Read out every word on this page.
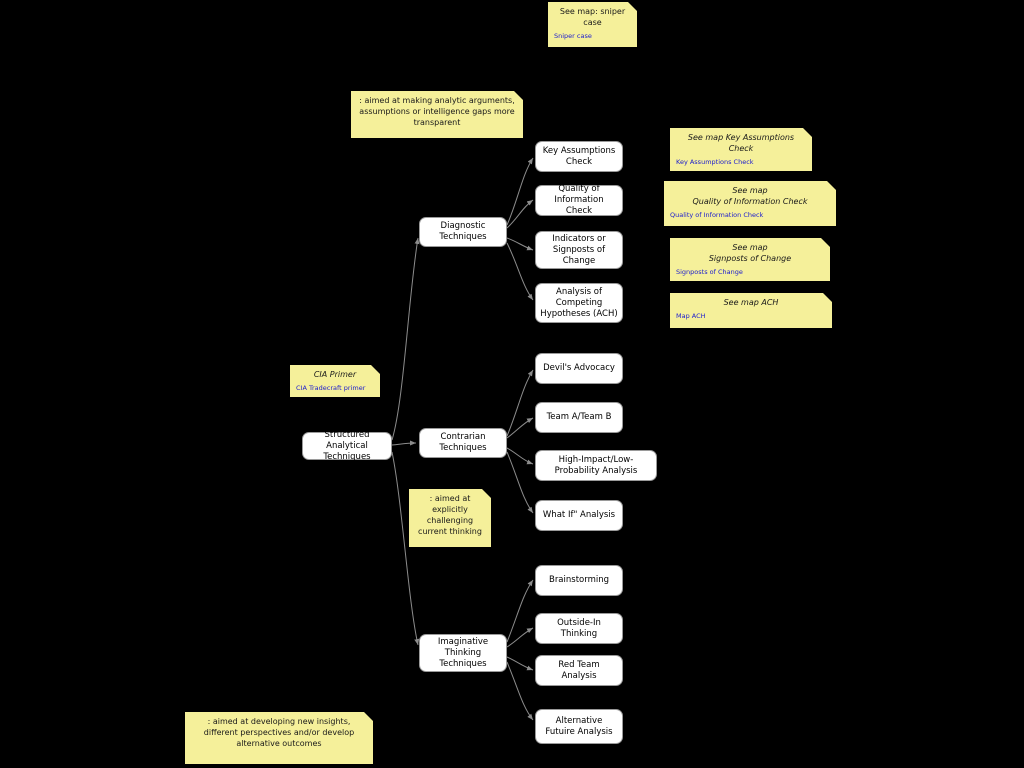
Structured Analytical Techniques
Diagnostic Techniques
Contrarian Techniques
Imaginative Thinking Techniques
Key Assumptions Check
Quality of Information Check
Indicators or Signposts of Change
Analysis of Competing Hypotheses (ACH)
Devil's Advocacy
Team A/Team B
High-Impact/Low-Probability Analysis
What If" Analysis
Brainstorming
Outside-In Thinking
Red Team Analysis
Alternative Futuire Analysis
See map: sniper
case
Sniper case
: aimed at making analytic arguments,
assumptions or intelligence gaps more
transparent
See map Key Assumptions Check
Key Assumptions Check
See map
Quality of Information Check
Quality of Information Check
See map
Signposts of Change
Signposts of Change
See map ACH
Map ACH
CIA Primer
CIA Tradecraft primer
: aimed at
explicitly
challenging
current thinking
: aimed at developing new insights,
different perspectives and/or develop
alternative outcomes
